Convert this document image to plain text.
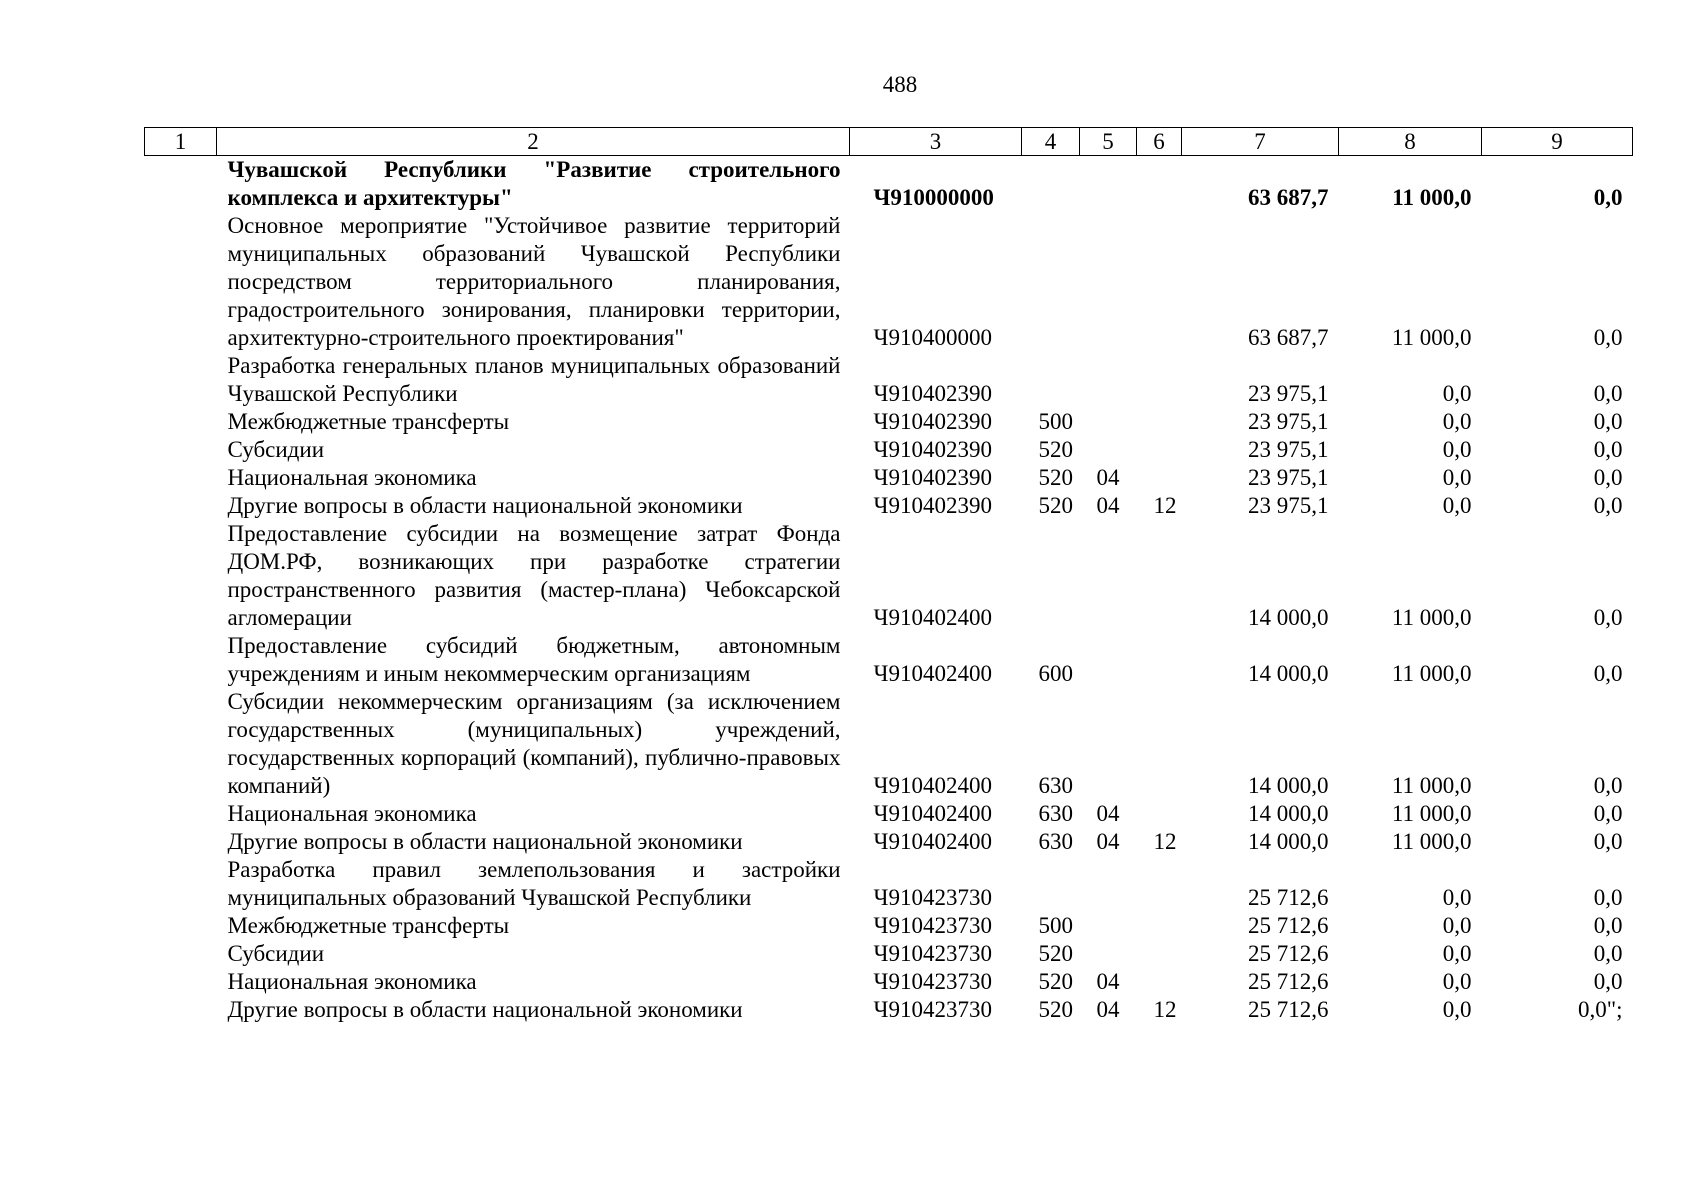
488
1	2	3	4	5	6	7	8	9
	Чувашской Республики "Развитие строительного комплекса и архитектуры"	Ч910000000				63 687,7	11 000,0	0,0
	Основное мероприятие "Устойчивое развитие территорий муниципальных образований Чувашской Республики посредством территориального планирования, градостроительного зонирования, планировки территории, архитектурно-строительного проектирования"	Ч910400000				63 687,7	11 000,0	0,0
	Разработка генеральных планов муниципальных образований Чувашской Республики	Ч910402390				23 975,1	0,0	0,0
	Межбюджетные трансферты	Ч910402390	500			23 975,1	0,0	0,0
	Субсидии	Ч910402390	520			23 975,1	0,0	0,0
	Национальная экономика	Ч910402390	520	04		23 975,1	0,0	0,0
	Другие вопросы в области национальной экономики	Ч910402390	520	04	12	23 975,1	0,0	0,0
	Предоставление субсидии на возмещение затрат Фонда ДОМ.РФ, возникающих при разработке стратегии пространственного развития (мастер-плана) Чебоксарской агломерации	Ч910402400				14 000,0	11 000,0	0,0
	Предоставление субсидий бюджетным, автономным учреждениям и иным некоммерческим организациям	Ч910402400	600			14 000,0	11 000,0	0,0
	Субсидии некоммерческим организациям (за исключением государственных (муниципальных) учреждений, государственных корпораций (компаний), публично-правовых компаний)	Ч910402400	630			14 000,0	11 000,0	0,0
	Национальная экономика	Ч910402400	630	04		14 000,0	11 000,0	0,0
	Другие вопросы в области национальной экономики	Ч910402400	630	04	12	14 000,0	11 000,0	0,0
	Разработка правил землепользования и застройки муниципальных образований Чувашской Республики	Ч910423730				25 712,6	0,0	0,0
	Межбюджетные трансферты	Ч910423730	500			25 712,6	0,0	0,0
	Субсидии	Ч910423730	520			25 712,6	0,0	0,0
	Национальная экономика	Ч910423730	520	04		25 712,6	0,0	0,0
	Другие вопросы в области национальной экономики	Ч910423730	520	04	12	25 712,6	0,0	0,0";
